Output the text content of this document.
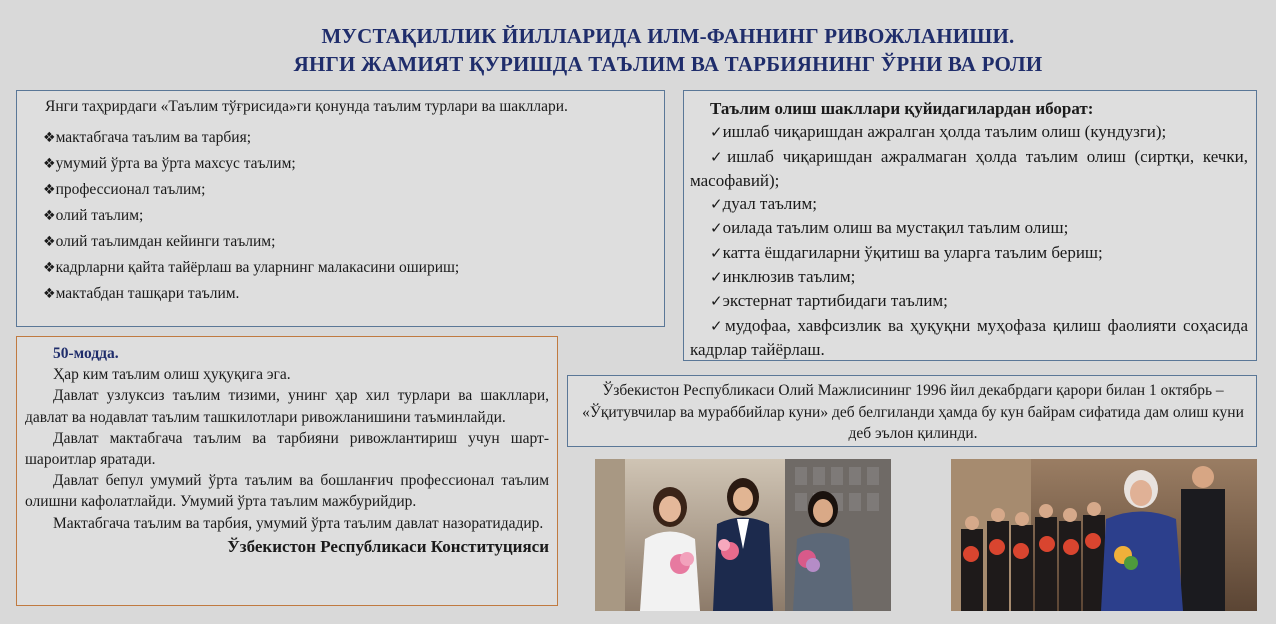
МУСТАҚИЛЛИК ЙИЛЛАРИДА ИЛМ-ФАННИНГ РИВОЖЛАНИШИ.
ЯНГИ ЖАМИЯТ ҚУРИШДА ТАЪЛИМ ВА ТАРБИЯНИНГ ЎРНИ ВА РОЛИ
Янги таҳрирдаги «Таълим тўғрисида»ги қонунда таълим турлари ва шакллари.
❖мактабгача таълим ва тарбия;
❖умумий ўрта ва ўрта махсус таълим;
❖профессионал таълим;
❖олий таълим;
❖олий таълимдан кейинги таълим;
❖кадрларни қайта тайёрлаш ва уларнинг малакасини ошириш;
❖мактабдан ташқари таълим.
Таълим олиш шакллари қуйидагилардан иборат:
✓ишлаб чиқаришдан ажралган ҳолда таълим олиш (кундузги);
✓ишлаб чиқаришдан ажралмаган ҳолда таълим олиш (сиртқи, кечки, масофавий);
✓дуал таълим;
✓оилада таълим олиш ва мустақил таълим олиш;
✓катта ёшдагиларни ўқитиш ва уларга таълим бериш;
✓инклюзив таълим;
✓экстернат тартибидаги таълим;
✓мудофаа, хавфсизлик ва ҳуқуқни муҳофаза қилиш фаолияти соҳасида кадрлар тайёрлаш.
50-модда.

Ҳар ким таълим олиш ҳуқуқига эга.

Давлат узлуксиз таълим тизими, унинг ҳар хил турлари ва шакллари, давлат ва нодавлат таълим ташкилотлари ривожланишини таъминлайди.

Давлат мактабгача таълим ва тарбияни ривожлантириш учун шарт-шароитлар яратади.

Давлат бепул умумий ўрта таълим ва бошланғич профессионал таълим олишни кафолатлайди. Умумий ўрта таълим мажбурийдир.

Мактабгача таълим ва тарбия, умумий ўрта таълим давлат назоратидадир.

Ўзбекистон Республикаси Конституцияси
Ўзбекистон Республикаси Олий Мажлисининг 1996 йил декабрдаги қарори билан 1 октябрь – «Ўқитувчилар ва мураббийлар куни» деб белгиланди ҳамда бу кун байрам сифатида дам олиш куни деб эълон қилинди.
